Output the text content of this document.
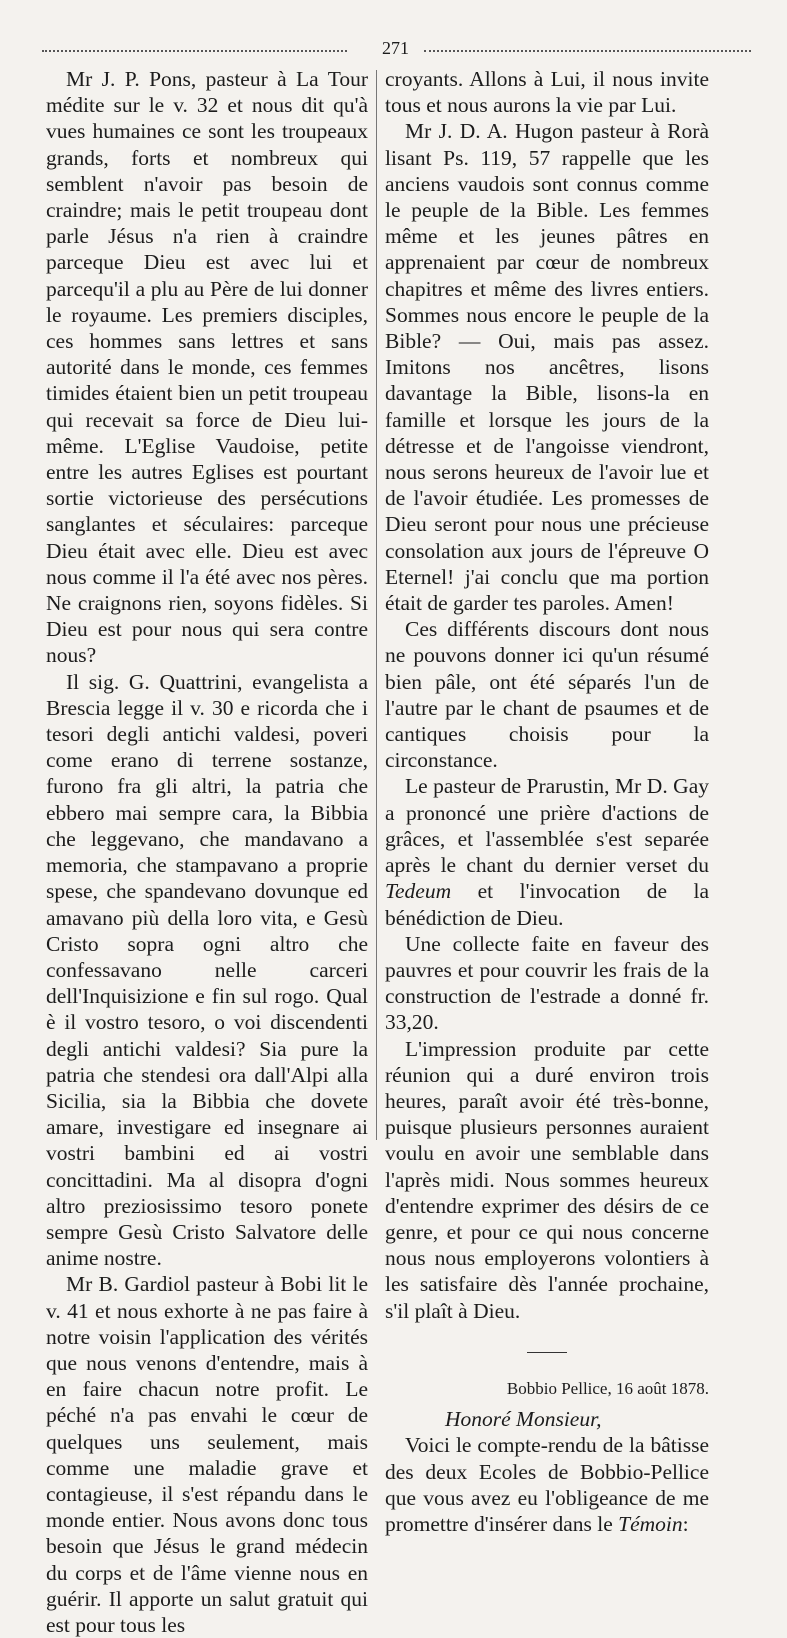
271

Mr J. P. Pons, pasteur à La Tour médite sur le v. 32 et nous dit qu'à vues humaines ce sont les troupeaux grands, forts et nombreux qui semblent n'avoir pas besoin de craindre; mais le petit troupeau dont parle Jésus n'a rien à craindre parceque Dieu est avec lui et parcequ'il a plu au Père de lui donner le royaume. Les premiers disciples, ces hommes sans lettres et sans autorité dans le monde, ces femmes timides étaient bien un petit troupeau qui recevait sa force de Dieu lui-même. L'Eglise Vaudoise, petite entre les autres Eglises est pourtant sortie victorieuse des persécutions sanglantes et séculaires: parceque Dieu était avec elle. Dieu est avec nous comme il l'a été avec nos pères. Ne craignons rien, soyons fidèles. Si Dieu est pour nous qui sera contre nous?

Il sig. G. Quattrini, evangelista a Brescia legge il v. 30 e ricorda che i tesori degli antichi valdesi, poveri come erano di terrene sostanze, furono fra gli altri, la patria che ebbero mai sempre cara, la Bibbia che leggevano, che mandavano a memoria, che stampavano a proprie spese, che spandevano dovunque ed amavano più della loro vita, e Gesù Cristo sopra ogni altro che confessavano nelle carceri dell'Inquisizione e fin sul rogo. Qual è il vostro tesoro, o voi discendenti degli antichi valdesi? Sia pure la patria che stendesi ora dall'Alpi alla Sicilia, sia la Bibbia che dovete amare, investigare ed insegnare ai vostri bambini ed ai vostri concittadini. Ma al disopra d'ogni altro preziosissimo tesoro ponete sempre Gesù Cristo Salvatore delle anime nostre.

Mr B. Gardiol pasteur à Bobi lit le v. 41 et nous exhorte à ne pas faire à notre voisin l'application des vérités que nous venons d'entendre, mais à en faire chacun notre profit. Le péché n'a pas envahi le cœur de quelques uns seulement, mais comme une maladie grave et contagieuse, il s'est répandu dans le monde entier. Nous avons donc tous besoin que Jésus le grand médecin du corps et de l'âme vienne nous en guérir. Il apporte un salut gratuit qui est pour tous les

croyants. Allons à Lui, il nous invite tous et nous aurons la vie par Lui.

Mr J. D. A. Hugon pasteur à Rorà lisant Ps. 119, 57 rappelle que les anciens vaudois sont connus comme le peuple de la Bible. Les femmes même et les jeunes pâtres en apprenaient par cœur de nombreux chapitres et même des livres entiers. Sommes nous encore le peuple de la Bible? — Oui, mais pas assez. Imitons nos ancêtres, lisons davantage la Bible, lisons-la en famille et lorsque les jours de la détresse et de l'angoisse viendront, nous serons heureux de l'avoir lue et de l'avoir étudiée. Les promesses de Dieu seront pour nous une précieuse consolation aux jours de l'épreuve O Eternel! j'ai conclu que ma portion était de garder tes paroles. Amen!

Ces différents discours dont nous ne pouvons donner ici qu'un résumé bien pâle, ont été séparés l'un de l'autre par le chant de psaumes et de cantiques choisis pour la circonstance.

Le pasteur de Prarustin, Mr D. Gay a prononcé une prière d'actions de grâces, et l'assemblée s'est separée après le chant du dernier verset du Tedeum et l'invocation de la bénédiction de Dieu.

Une collecte faite en faveur des pauvres et pour couvrir les frais de la construction de l'estrade a donné fr. 33,20.

L'impression produite par cette réunion qui a duré environ trois heures, paraît avoir été très-bonne, puisque plusieurs personnes auraient voulu en avoir une semblable dans l'après midi. Nous sommes heureux d'entendre exprimer des désirs de ce genre, et pour ce qui nous concerne nous nous employerons volontiers à les satisfaire dès l'année prochaine, s'il plaît à Dieu.

Bobbio Pellice, 16 août 1878.

Honoré Monsieur,

Voici le compte-rendu de la bâtisse des deux Ecoles de Bobbio-Pellice que vous avez eu l'obligeance de me promettre d'insérer dans le Témoin:
